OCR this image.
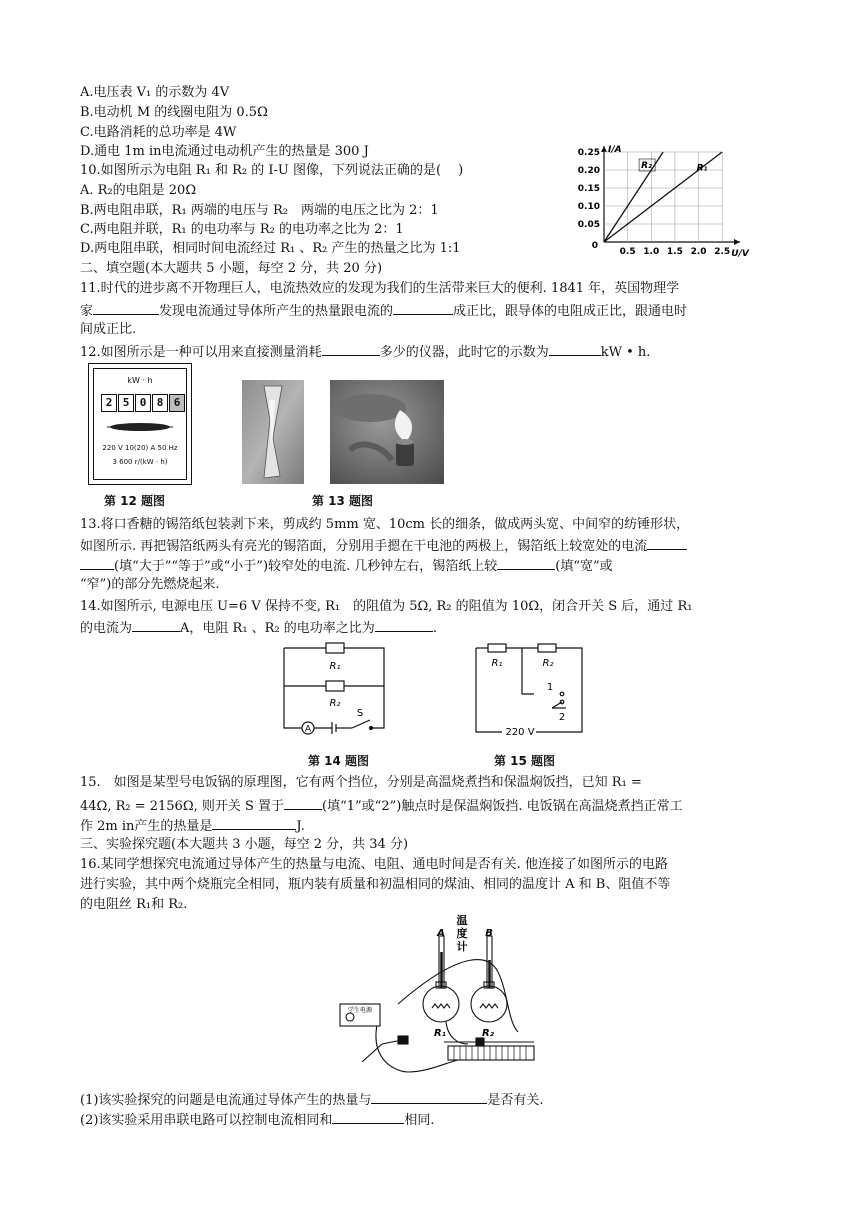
A.电压表 V₁ 的示数为 4V
B.电动机 M 的线圈电阻为 0.5Ω
C.电路消耗的总功率是 4W
D.通电 1m in电流通过电动机产生的热量是 300 J
10.如图所示为电阻 R₁ 和 R₂ 的 I-U 图像，下列说法正确的是(　 )
A. R₂的电阻是 20Ω
B.两电阻串联，R₁ 两端的电压与 R₂　两端的电压之比为 2：1
C.两电阻并联，R₁ 的电功率与 R₂ 的电功率之比为 2：1
D.两电阻串联，相同时间电流经过 R₁ 、R₂ 产生的热量之比为 1:1	0.5 1.0 1.5 2.0 2.5
0.25
0.20
0.15
0.10
0.05
0
U/V
I/A
R₂	R₁
二、填空题(本大题共 5 小题，每空 2 分，共 20 分)
11.时代的进步离不开物理巨人，电流热效应的发现为我们的生活带来巨大的便利. 1841 年，英国物理学
家	发现电流通过导体所产生的热量跟电流的	成正比，跟导体的电阻成正比，跟通电时
间成正比.
12.如图所示是一种可以用来直接测量消耗	多少的仪器，此时它的示数为	kW • h.
kW · h
2 5 0 8 6
220 V 10(20) A 50 Hz
3 600 r/(kW · h)
第 12 题图	第 13 题图
13.将口香糖的锡箔纸包装剥下来，剪成约 5mm 宽、10cm 长的细条，做成两头宽、中间窄的纺锤形状，
如图所示. 再把锡箔纸两头有亮光的锡箔面，分别用手摁在干电池的两极上，锡箔纸上较宽处的电流
(填“大于”“等于”或“小于”)较窄处的电流. 几秒钟左右，锡箔纸上较	(填“宽”或
“窄”)的部分先燃烧起来.
14.如图所示, 电源电压 U=6 V 保持不变, R₁　的阻值为 5Ω, R₂ 的阻值为 10Ω，闭合开关 S 后，通过 R₁
的电流为	A，电阻 R₁ 、R₂ 的电功率之比为	.
A
R₁
R₂
S
R₁	R₂
1
2
220 V
第 14 题图	第 15 题图
15.　如图是某型号电饭锅的原理图，它有两个挡位，分别是高温烧煮挡和保温焖饭挡，已知 R₁ =
44Ω, R₂ = 2156Ω, 则开关 S 置于	(填“1”或“2”)触点时是保温焖饭挡. 电饭锅在高温烧煮挡正常工
作 2m in产生的热量是	J.
三、实验探究题(本大题共 3 小题，每空 2 分，共 34 分)
16.某同学想探究电流通过导体产生的热量与电流、电阻、通电时间是否有关. 他连接了如图所示的电路
进行实验，其中两个烧瓶完全相同，瓶内装有质量和初温相同的煤油、相同的温度计 A 和 B、阻值不等
的电阻丝 R₁和 R₂.
温
度
计
A	B
R₁	R₂
学生电源
(1)该实验探究的问题是电流通过导体产生的热量与	是否有关.
(2)该实验采用串联电路可以控制电流相同和	相同.
